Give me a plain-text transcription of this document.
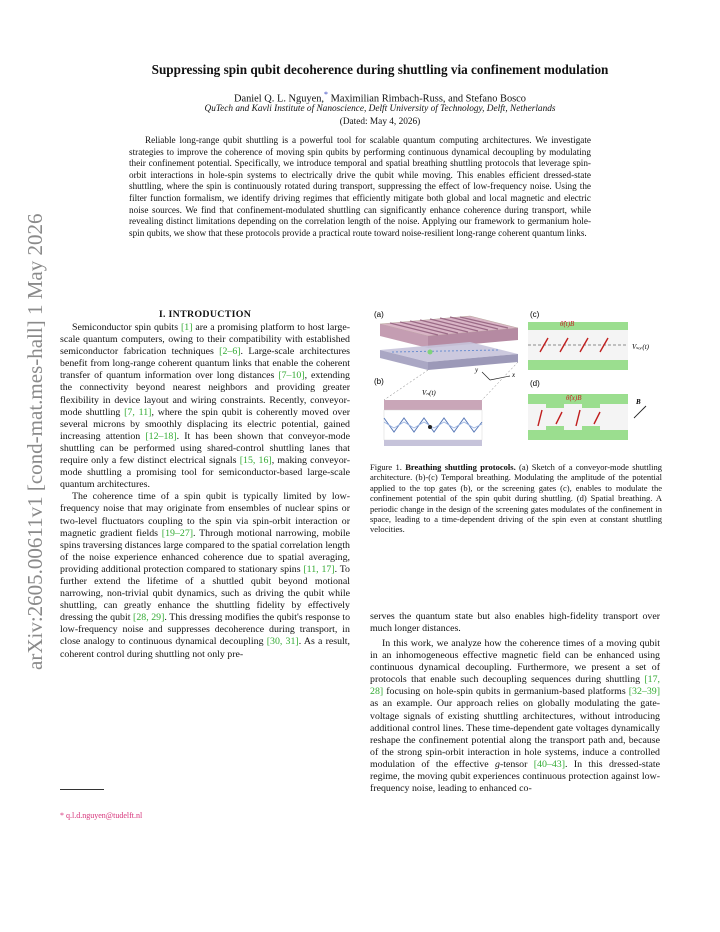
arXiv:2605.00611v1 [cond-mat.mes-hall] 1 May 2026
Suppressing spin qubit decoherence during shuttling via confinement modulation
Daniel Q. L. Nguyen,* Maximilian Rimbach-Russ, and Stefano Bosco
QuTech and Kavli Institute of Nanoscience, Delft University of Technology, Delft, Netherlands
(Dated: May 4, 2026)
Reliable long-range qubit shuttling is a powerful tool for scalable quantum computing architectures. We investigate strategies to improve the coherence of moving spin qubits by performing continuous dynamical decoupling by modulating their confinement potential. Specifically, we introduce temporal and spatial breathing shuttling protocols that leverage spin-orbit interactions in hole-spin systems to electrically drive the qubit while moving. This enables efficient dressed-state shuttling, where the spin is continuously rotated during transport, suppressing the effect of low-frequency noise. Using the filter function formalism, we identify driving regimes that efficiently mitigate both global and local magnetic and electric noise sources. We find that confinement-modulated shuttling can significantly enhance coherence during transport, while revealing distinct limitations depending on the correlation length of the noise. Applying our framework to germanium hole-spin qubits, we show that these protocols provide a practical route toward noise-resilient long-range coherent quantum links.
I. INTRODUCTION

Semiconductor spin qubits [1] are a promising platform to host large-scale quantum computers, owing to their compatibility with established semiconductor fabrication techniques [2–6]. Large-scale architectures benefit from long-range coherent quantum links that enable the coherent transfer of quantum information over long distances [7–10], extending the connectivity beyond nearest neighbors and providing greater flexibility in device layout and wiring constraints. Recently, conveyor-mode shuttling [7, 11], where the spin qubit is coherently moved over several microns by smoothly displacing its electric potential, gained increasing attention [12–18]. It has been shown that conveyor-mode shuttling can be performed using shared-control shuttling lanes that require only a few distinct electrical signals [15, 16], making conveyor-mode shuttling a promising tool for semiconductor-based large-scale quantum architectures.

The coherence time of a spin qubit is typically limited by low-frequency noise that may originate from ensembles of nuclear spins or two-level fluctuators coupling to the spin via spin-orbit interaction or magnetic gradient fields [19–27]. Through motional narrowing, mobile spins traversing distances large compared to the spatial correlation length of the noise experience enhanced coherence due to spatial averaging, providing additional protection compared to stationary spins [11, 17]. To further extend the lifetime of a shuttled qubit beyond motional narrowing, non-trivial qubit dynamics, such as driving the qubit while shuttling, can greatly enhance the shuttling fidelity by effectively dressing the qubit [28, 29]. This dressing modifies the qubit's response to low-frequency noise and suppresses decoherence during transport, in close analogy to continuous dynamical decoupling [30, 31]. As a result, coherent control during shuttling not only pre-

* q.l.d.nguyen@tudelft.nl
(a)
x
y
(b)
Vₙ(t)
(c)
θ̂(t)B
Vₛₒᵣ(t)
(d)
θ̂(x)B	B
Figure 1. Breathing shuttling protocols. (a) Sketch of a conveyor-mode shuttling architecture. (b)-(c) Temporal breathing. Modulating the amplitude of the potential applied to the top gates (b), or the screening gates (c), enables to modulate the confinement potential of the spin qubit during shuttling. (d) Spatial breathing. A periodic change in the design of the screening gates modulates of the confinement in space, leading to a time-dependent driving of the spin even at constant shuttling velocities.

serves the quantum state but also enables high-fidelity transport over much longer distances.

In this work, we analyze how the coherence times of a moving qubit in an inhomogeneous effective magnetic field can be enhanced using continuous dynamical decoupling. Furthermore, we present a set of protocols that enable such decoupling sequences during shuttling [17, 28] focusing on hole-spin qubits in germanium-based platforms [32–39] as an example. Our approach relies on globally modulating the gate-voltage signals of existing shuttling architectures, without introducing additional control lines. These time-dependent gate voltages dynamically reshape the confinement potential along the transport path and, because of the strong spin-orbit interaction in hole systems, induce a controlled modulation of the effective g-tensor [40–43]. In this dressed-state regime, the moving qubit experiences continuous protection against low-frequency noise, leading to enhanced co-
